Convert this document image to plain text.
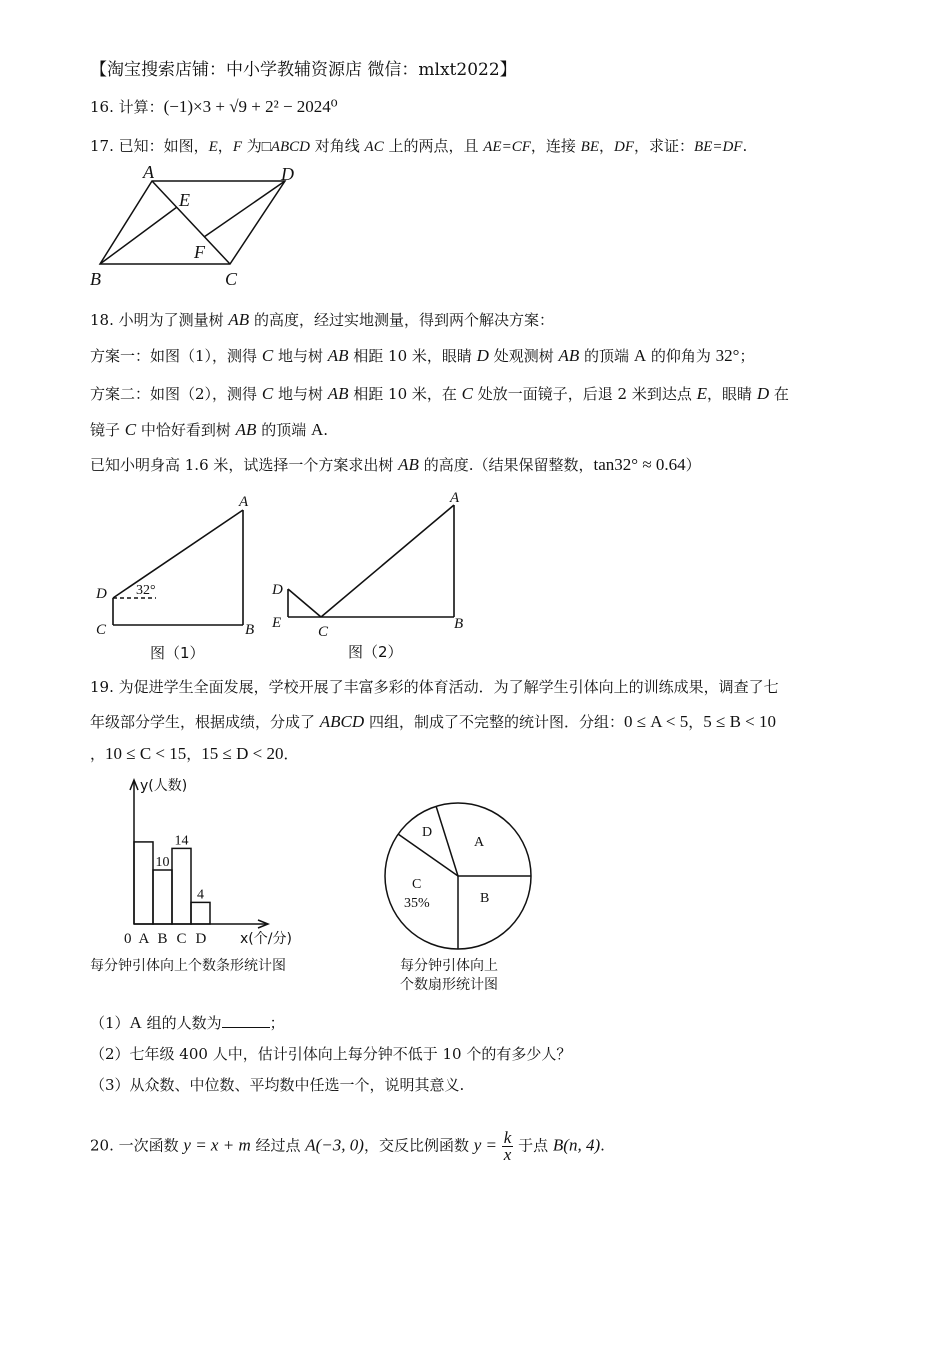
【淘宝搜索店铺：中小学教辅资源店 微信：mlxt2022】
16. 计算：(−1)×3 + √9 + 2² − 2024⁰
17. 已知：如图，E，F 为□ABCD 对角线 AC 上的两点，且 AE=CF，连接 BE，DF，求证：BE=DF.
A	D
E
F
B	C
18. 小明为了测量树 AB 的高度，经过实地测量，得到两个解决方案：
方案一：如图（1），测得 C 地与树 AB 相距 10 米，眼睛 D 处观测树 AB 的顶端 A 的仰角为 32°；
方案二：如图（2），测得 C 地与树 AB 相距 10 米，在 C 处放一面镜子，后退 2 米到达点 E，眼睛 D 在
镜子 C 中恰好看到树 AB 的顶端 A.
已知小明身高 1.6 米，试选择一个方案求出树 AB 的高度.（结果保留整数，tan32° ≈ 0.64）
A
D
C	B
32°
图（1）
A
D
E
C	B
图（2）
19. 为促进学生全面发展，学校开展了丰富多彩的体育活动．为了解学生引体向上的训练成果，调查了七
年级部分学生，根据成绩，分成了 ABCD 四组，制成了不完整的统计图．分组：0 ≤ A < 5，5 ≤ B < 10
，10 ≤ C < 15，15 ≤ D < 20．
10
14
4
A B C D
0
y(人数)
x(个/分)
每分钟引体向上个数条形统计图
A
B
C
35%
D
每分钟引体向上
个数扇形统计图
（1）A 组的人数为	；
（2）七年级 400 人中，估计引体向上每分钟不低于 10 个的有多少人？
（3）从众数、中位数、平均数中任选一个，说明其意义.
20. 一次函数 y = x + m 经过点 A(−3, 0)，交反比例函数 $y = \frac{k}{x}$ 于点 B(n, 4).
